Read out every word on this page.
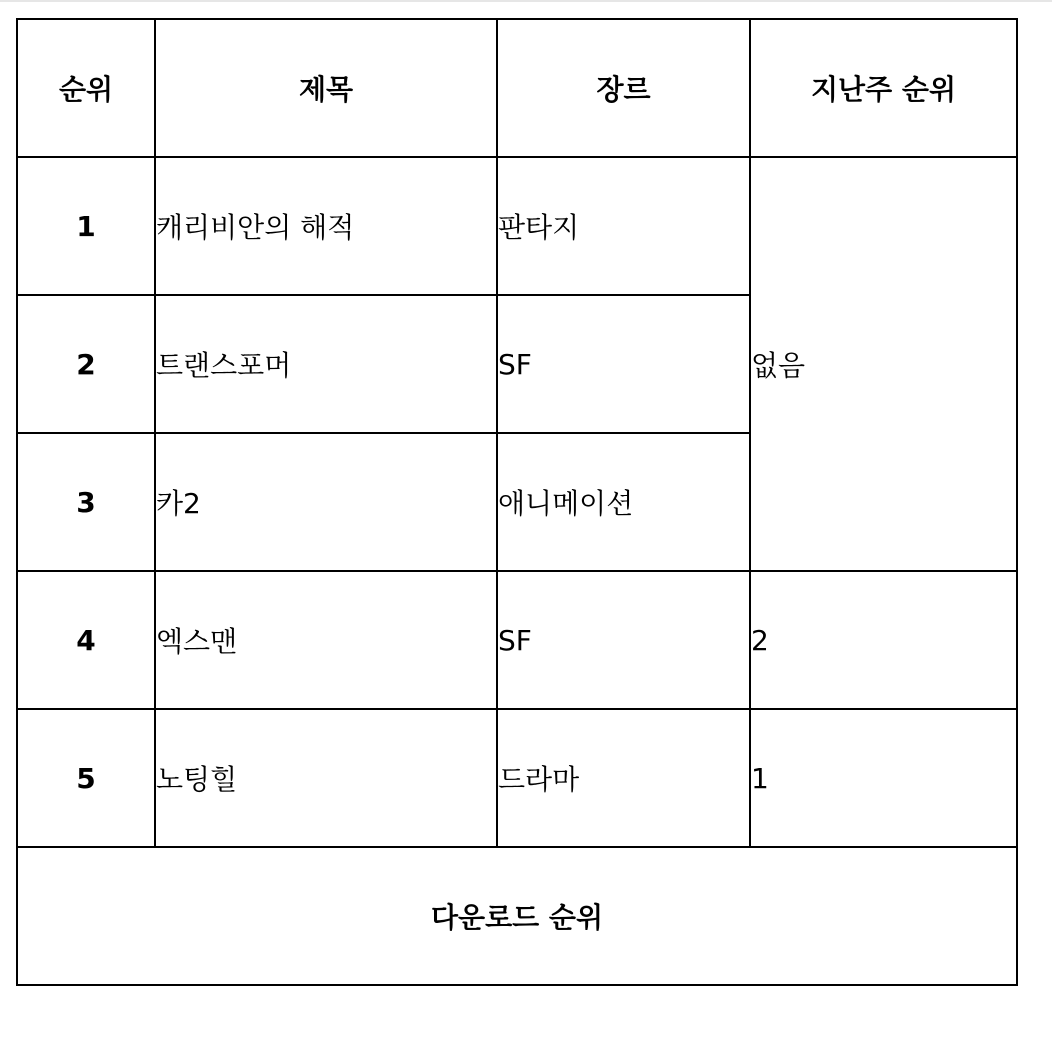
순위	제목	장르	지난주 순위
1	캐리비안의 해적	판타지	없음
2	트랜스포머	SF	
3	카2	애니메이션	
4	엑스맨	SF	2
5	노팅힐	드라마	1
다운로드 순위			
